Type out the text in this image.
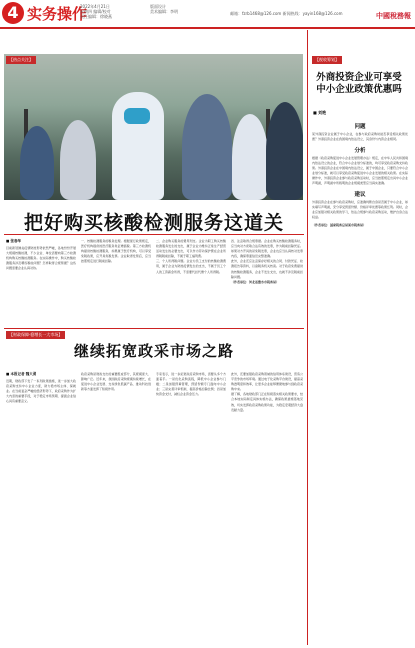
4 实务操作
2022年4月21日
星期四 编辑/校对
责任编辑：徐晓燕
版面设计
美术编辑：李明	邮箱：fzrb1468@126.com 新闻热线：yayin168@126.com	中國稅務報
【热点关注】
把好购买核酸检测服务这道关
■ 张春华

目前新冠肺炎疫情防控形势依然严峻，各地纷纷开展大规模核酸检测，不少企业、单位需要向第三方检测机构购买核酸检测服务。在实际操作中，购买核酸检测服务涉及哪些税收问题？怎样取得合规票据？这些问题需要企业认真对待。

一、核酸检测服务的税务处理。根据现行政策规定，医疗机构提供的医疗服务免征增值税。第三方检测机构提供核酸检测服务，如果属于医疗机构，可以享受免税政策，应开具免税发票。企业取得发票后，应当按照规定进行税前扣除。

二、企业购买服务的费用列支。企业为职工购买核酸检测服务发生的支出，属于企业为维持正常生产经营活动发生的必要支出，可以作为劳动保护费在企业所得税税前扣除，不属于职工福利费。

三、个人所得税问题。企业为员工支付的核酸检测费用，属于企业为防控疫情发生的支出，不属于员工个人的工资薪金所得，不需要代扣代缴个人所得税。

四、注意取得合规票据。企业在购买核酸检测服务时，应当向对方索取合法有效的发票，作为税前扣除凭证。如果对方开具的是免税发票，企业也应当认真核对发票内容，确保票面信息完整准确。

此外，企业还应注意保存好相关的合同、付款凭证、检测报告等资料，以备税务机关核查。对于政府免费提供的核酸检测服务，企业不发生支出，也就不涉及税前扣除问题。

（作者单位：河北省衡水市税务局）

【财政保障·稳增长一大市场】
继续拓宽政采市场之路
■ 本报记者 魏大勇

近期，财政部下发了一系列政策措施，进一步加大政府采购支持中小企业力度，助力稳市场主体、保就业。在当前复杂严峻的经济形势下，政府采购作为扩大内需的重要手段，对于稳定市场预期、提振企业信心具有重要意义。

政府采购是财政支出的重要组成部分，其规模庞大、影响广泛。近年来，我国政府采购规模持续增长，在促进中小企业发展、支持绿色低碳产品、推动科技创新等方面发挥了积极作用。

专家表示，进一步拓宽政府采购市场，需要从多个方面着手。一是优化采购流程，降低中小企业参与门槛；二是加强预算管理，预留份额专门面向中小企业；三是完善评审机制，提高价格扣除比例；四是加快资金支付，减轻企业资金压力。

此外，还要加强政府采购领域的信用体系建设，营造公平竞争的市场环境。通过电子化采购平台建设，提高采购透明度和效率，让更多企业能够便捷地参与到政府采购中来。

据了解，各地财政部门正在积极落实相关政策要求，结合本地实际制定具体实施办法，确保政策措施落地见效，切实发挥政府采购政策功能，为稳定宏观经济大盘贡献力量。

【税收筹划】
外商投资企业可享受中小企业政策优惠吗
■ 刘艳
问题
某外商投资企业属于中小企业，在参与政府采购时能否享受相关政策优惠？外商投资企业在我国境内依法设立，其身份与内资企业相同。
分析
根据《政府采购促进中小企业发展管理办法》规定，在中华人民共和国境内依法设立的企业，符合中小企业划分标准的，均可享受政府采购支持政策。外商投资企业在中国境内依法设立，属于中国企业，只要符合中小企业划分标准，就可以享受政府采购促进中小企业发展的相关政策。在实际操作中，外商投资企业参与政府采购活动时，应当按照规定出具中小企业声明函，声明函中所载明的企业规模类型应当真实准确。
建议
外商投资企业在参与政府采购时，应准确判断自身是否属于中小企业，如实填写声明函，充分享受预留份额、价格评审优惠等政策红利。同时，企业应加强对相关政策的学习，依法合规参与政府采购活动，维护自身合法权益。
（作者单位：国家税务总局某市税务局）
